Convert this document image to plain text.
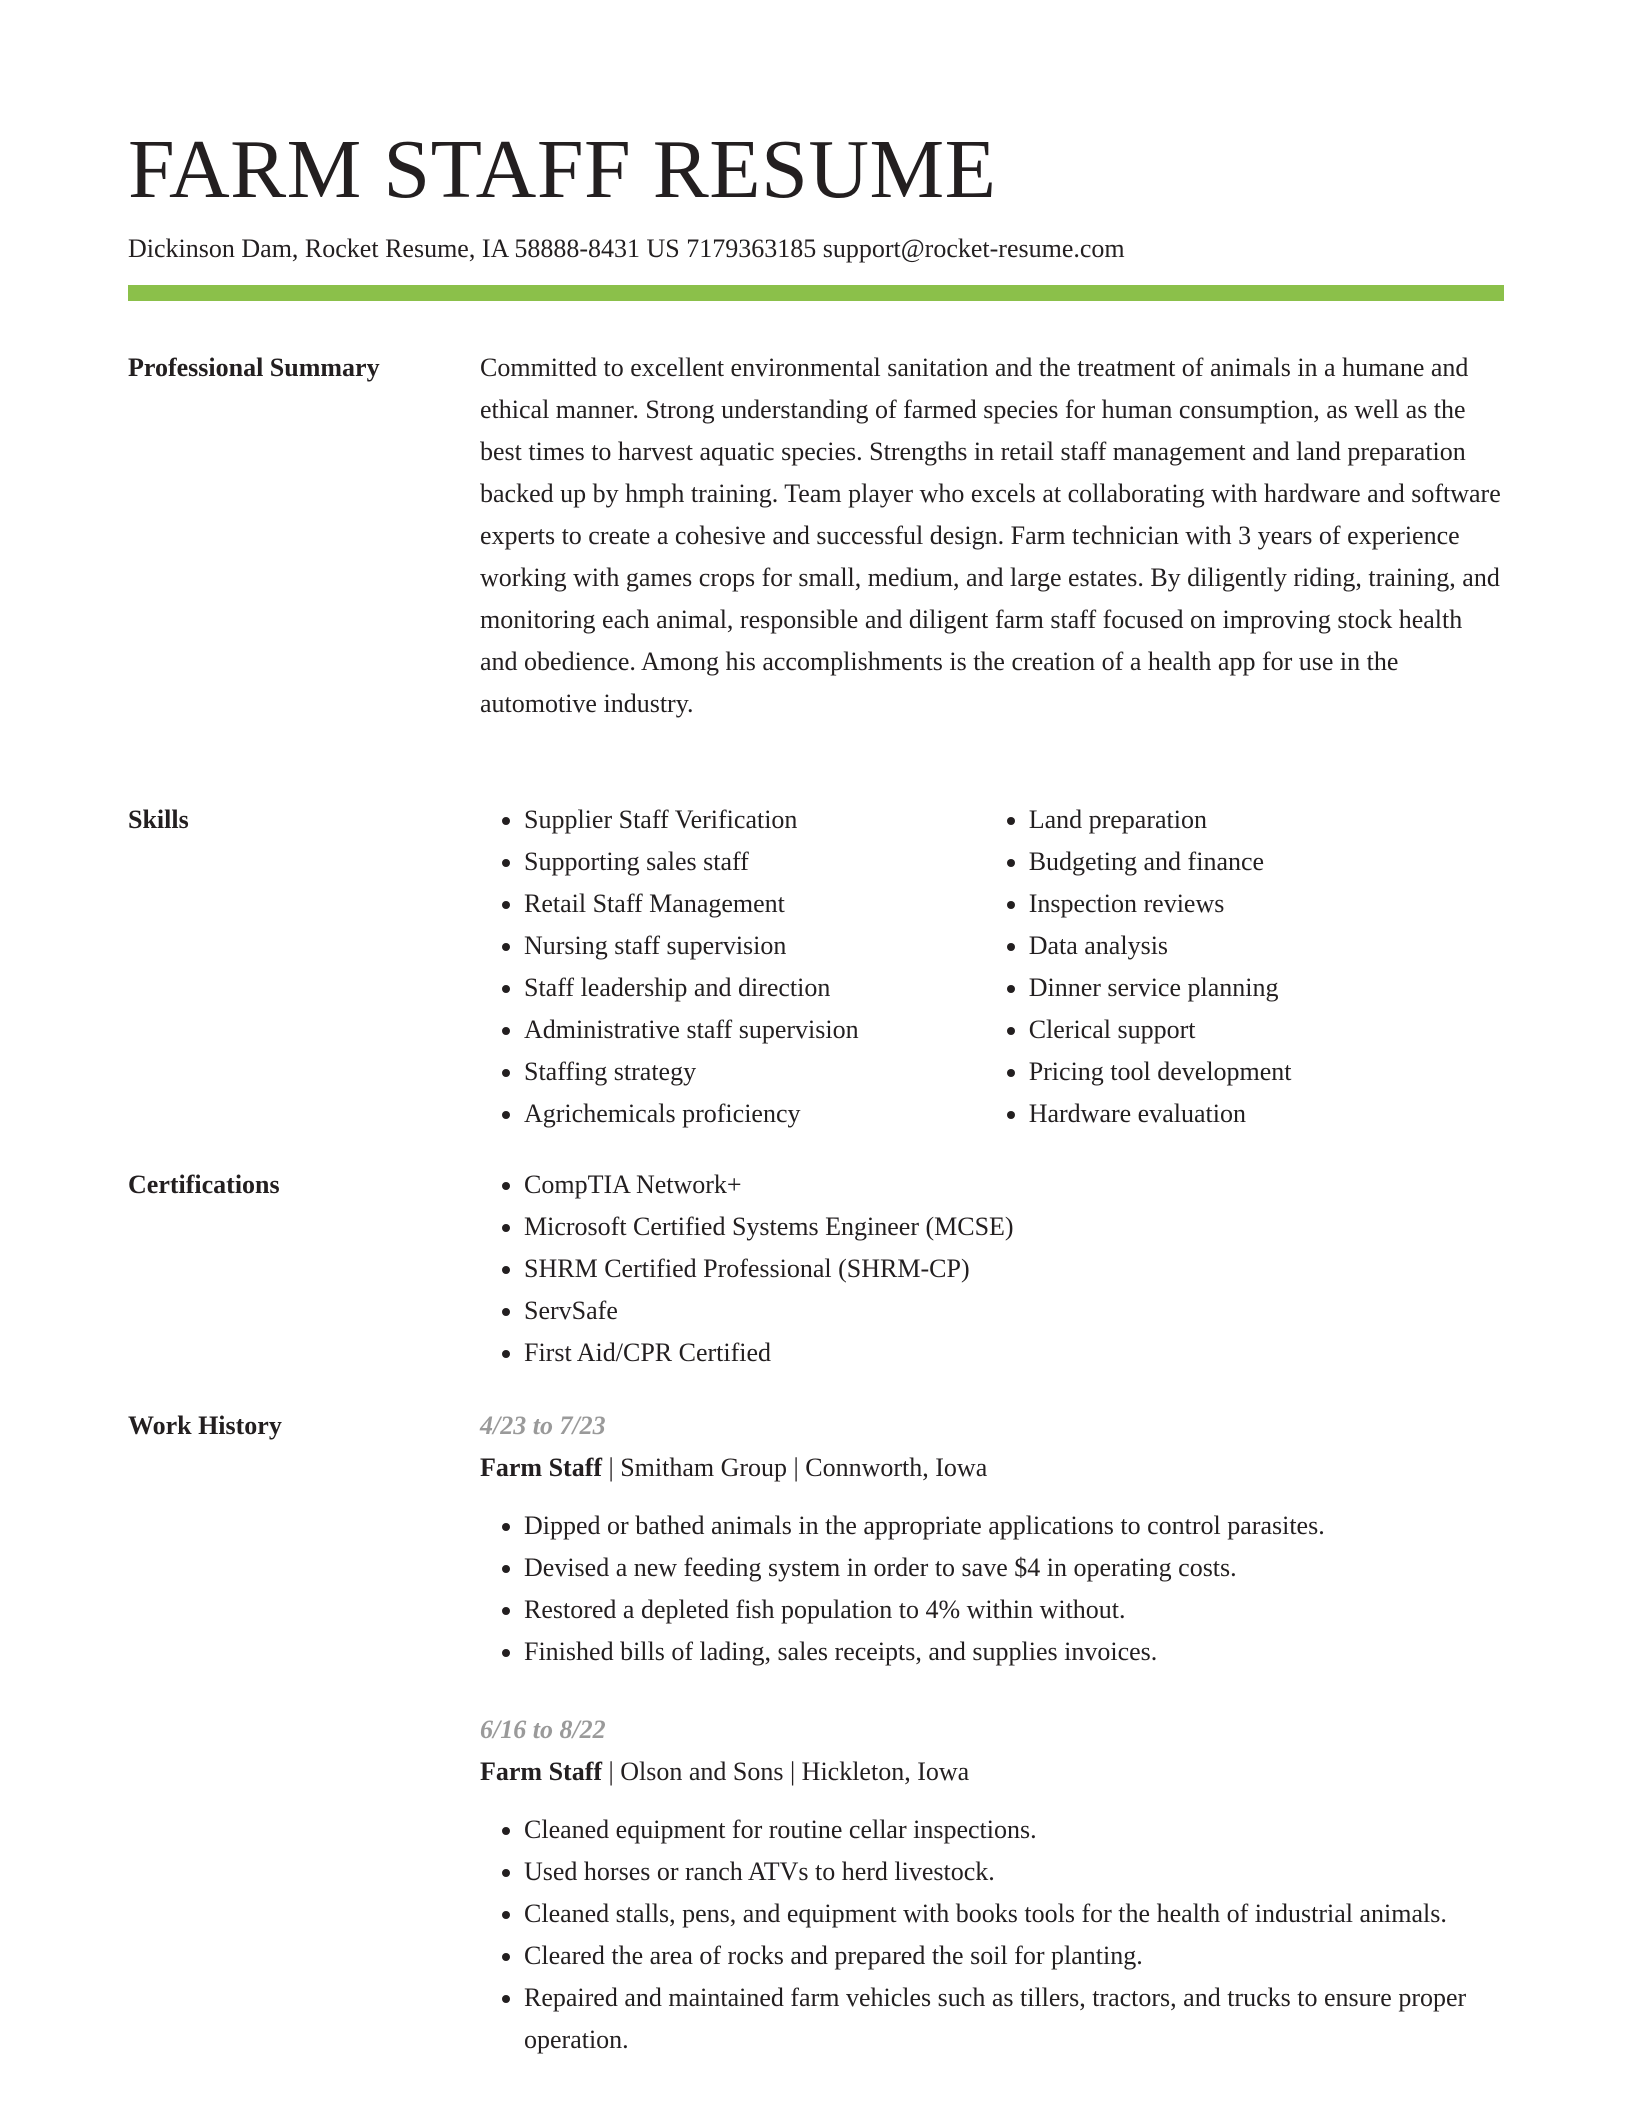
FARM STAFF RESUME
Dickinson Dam, Rocket Resume, IA 58888-8431 US 7179363185 support@rocket-resume.com
Professional Summary	Committed to excellent environmental sanitation and the treatment of animals in a humane and ethical manner. Strong understanding of farmed species for human consumption, as well as the best times to harvest aquatic species. Strengths in retail staff management and land preparation backed up by hmph training. Team player who excels at collaborating with hardware and software experts to create a cohesive and successful design. Farm technician with 3 years of experience working with games crops for small, medium, and large estates. By diligently riding, training, and monitoring each animal, responsible and diligent farm staff focused on improving stock health and obedience. Among his accomplishments is the creation of a health app for use in the automotive industry.

Skills	• Supplier Staff Verification
• Supporting sales staff
• Retail Staff Management
• Nursing staff supervision
• Staff leadership and direction
• Administrative staff supervision
• Staffing strategy
• Agrichemicals proficiency
• Land preparation
• Budgeting and finance
• Inspection reviews
• Data analysis
• Dinner service planning
• Clerical support
• Pricing tool development
• Hardware evaluation
Certifications	• CompTIA Network+
• Microsoft Certified Systems Engineer (MCSE)
• SHRM Certified Professional (SHRM-CP)
• ServSafe
• First Aid/CPR Certified
Work History	4/23 to 7/23
Farm Staff | Smitham Group | Connworth, Iowa
• Dipped or bathed animals in the appropriate applications to control parasites.
• Devised a new feeding system in order to save $4 in operating costs.
• Restored a depleted fish population to 4% within without.
• Finished bills of lading, sales receipts, and supplies invoices.
6/16 to 8/22
Farm Staff | Olson and Sons | Hickleton, Iowa
• Cleaned equipment for routine cellar inspections.
• Used horses or ranch ATVs to herd livestock.
• Cleaned stalls, pens, and equipment with books tools for the health of industrial animals.
• Cleared the area of rocks and prepared the soil for planting.
• Repaired and maintained farm vehicles such as tillers, tractors, and trucks to ensure proper operation.
